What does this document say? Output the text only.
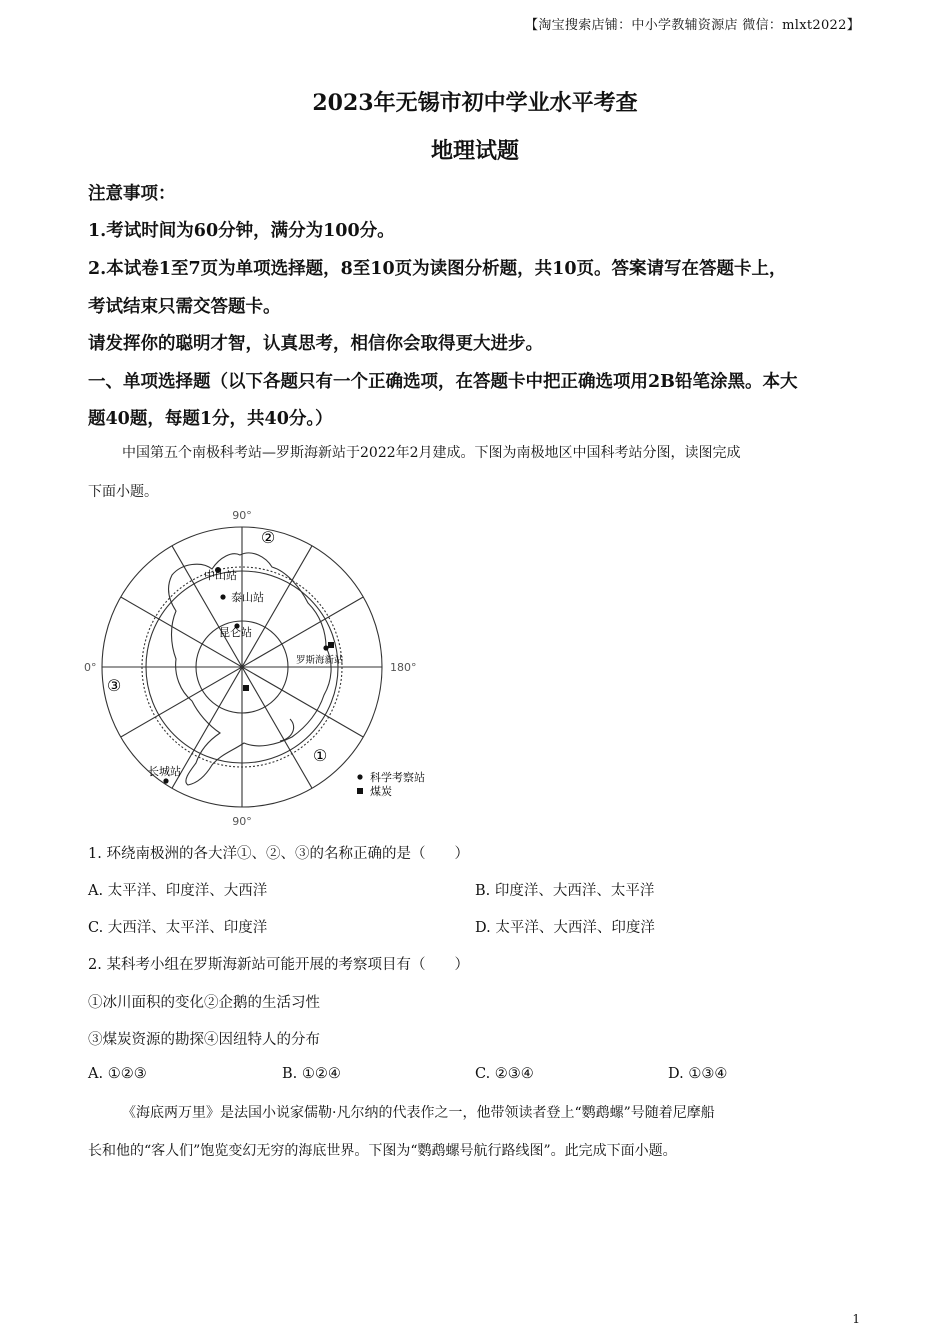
【淘宝搜索店铺：中小学教辅资源店 微信：mlxt2022】
2023年无锡市初中学业水平考查
地理试题
注意事项：
1.考试时间为60分钟，满分为100分。
2.本试卷1至7页为单项选择题，8至10页为读图分析题，共10页。答案请写在答题卡上，
考试结束只需交答题卡。
请发挥你的聪明才智，认真思考，相信你会取得更大进步。
一、单项选择题（以下各题只有一个正确选项，在答题卡中把正确选项用2B铅笔涂黑。本大
题40题，每题1分，共40分。）
中国第五个南极科考站—罗斯海新站于2022年2月建成。下图为南极地区中国科考站分图，读图完成
下面小题。
90°
90°
0°	180°
②
③
①
中山站
泰山站
昆仑站
罗斯海新站
长城站	科学考察站
煤炭
1. 环绕南极洲的各大洋①、②、③的名称正确的是（　　）
A. 太平洋、印度洋、大西洋	B. 印度洋、大西洋、太平洋
C. 大西洋、太平洋、印度洋	D. 太平洋、大西洋、印度洋
2. 某科考小组在罗斯海新站可能开展的考察项目有（　　）
①冰川面积的变化②企鹅的生活习性
③煤炭资源的勘探④因纽特人的分布
A. ①②③	B. ①②④	C. ②③④	D. ①③④
《海底两万里》是法国小说家儒勒·凡尔纳的代表作之一，他带领读者登上“鹦鹉螺”号随着尼摩船
长和他的“客人们”饱览变幻无穷的海底世界。下图为“鹦鹉螺号航行路线图”。此完成下面小题。
1
